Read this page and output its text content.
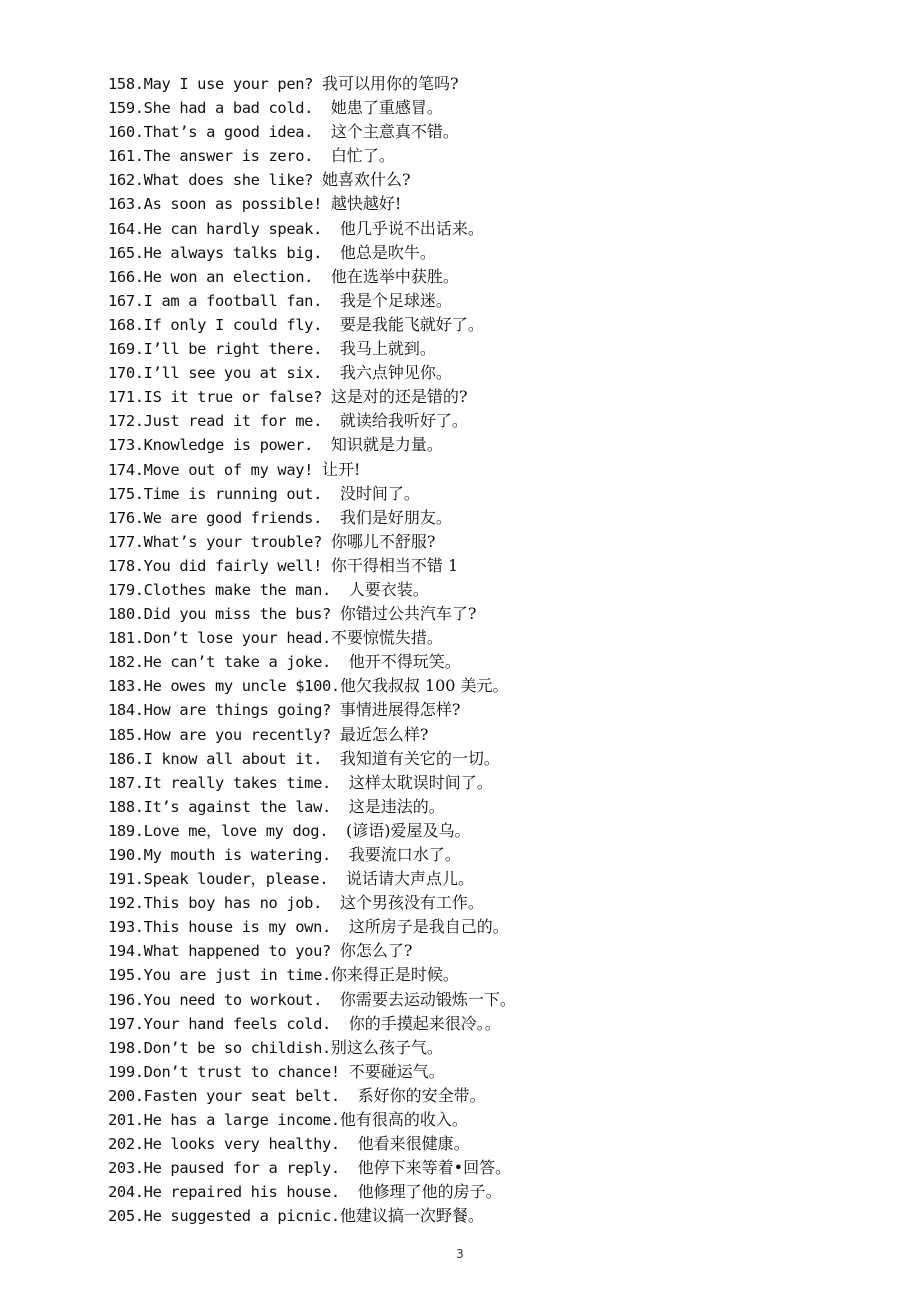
158.May I use your pen? 我可以用你的笔吗?
159.She had a bad cold.  她患了重感冒。
160.That’s a good idea.  这个主意真不错。
161.The answer is zero.  白忙了。
162.What does she like? 她喜欢什么?
163.As soon as possible! 越快越好!
164.He can hardly speak.  他几乎说不出话来。
165.He always talks big.  他总是吹牛。
166.He won an election.  他在选举中获胜。
167.I am a football fan.  我是个足球迷。
168.If only I could fly.  要是我能飞就好了。
169.I’ll be right there.  我马上就到。
170.I’ll see you at six.  我六点钟见你。
171.IS it true or false? 这是对的还是错的?
172.Just read it for me.  就读给我听好了。
173.Knowledge is power.  知识就是力量。
174.Move out of my way! 让开!
175.Time is running out.  没时间了。
176.We are good friends.  我们是好朋友。
177.What’s your trouble? 你哪儿不舒服?
178.You did fairly well! 你干得相当不错 1
179.Clothes make the man.  人要衣装。
180.Did you miss the bus? 你错过公共汽车了?
181.Don’t lose your head.不要惊慌失措。
182.He can’t take a joke.  他开不得玩笑。
183.He owes my uncle $100.他欠我叔叔 100 美元。
184.How are things going? 事情进展得怎样?
185.How are you recently? 最近怎么样?
186.I know all about it.  我知道有关它的一切。
187.It really takes time.  这样太耽误时间了。
188.It’s against the law.  这是违法的。
189.Love me，love my dog.  (谚语)爱屋及乌。
190.My mouth is watering.  我要流口水了。
191.Speak louder，please.  说话请大声点儿。
192.This boy has no job.  这个男孩没有工作。
193.This house is my own.  这所房子是我自己的。
194.What happened to you? 你怎么了?
195.You are just in time.你来得正是时候。
196.You need to workout.  你需要去运动锻炼一下。
197.Your hand feels cold.  你的手摸起来很冷。。
198.Don’t be so childish.别这么孩子气。
199.Don’t trust to chance! 不要碰运气。
200.Fasten your seat belt.  系好你的安全带。
201.He has a large income.他有很高的收入。
202.He looks very healthy.  他看来很健康。
203.He paused for a reply.  他停下来等着•回答。
204.He repaired his house.  他修理了他的房子。
205.He suggested a picnic.他建议搞一次野餐。
3
